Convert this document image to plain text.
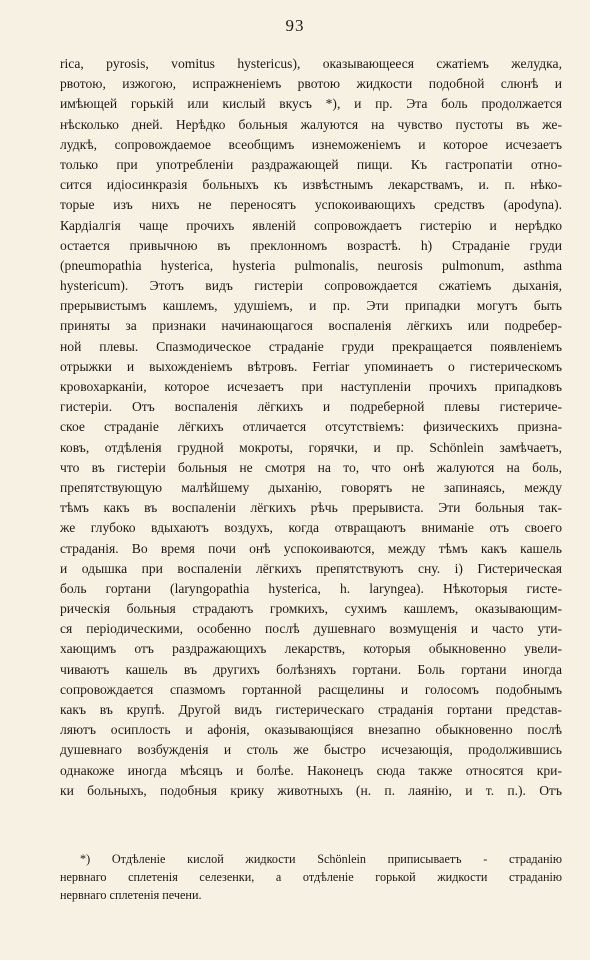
93
rica, pyrosis, vomitus hystericus), оказывающееся сжатіемъ желудка,
рвотою, изжогою, испражненіемъ рвотою жидкости подобной слюнѣ и
имѣющей горькій или кислый вкусъ *), и пр. Эта боль продолжается
нѣсколько дней. Нерѣдко больныя жалуются на чувство пустоты въ же-
лудкѣ, сопровождаемое всеобщимъ изнеможеніемъ и которое исчезаетъ
только при употребленіи раздражающей пищи. Къ гастропатіи отно-
сится идіосинкразія больныхъ къ извѣстнымъ лекарствамъ, и. п. нѣко-
торые изъ нихъ не переносятъ успокоивающихъ средствъ (apodyna).
Кардіалгія чаще прочихъ явленій сопровождаетъ гистерію и нерѣдко
остается привычною въ преклонномъ возрастѣ. h) Страданіе груди
(pneumopathia hysterica, hysteria pulmonalis, neurosis pulmonum, asthma
hystericum). Этотъ видъ гистеріи сопровождается сжатіемъ дыханія,
прерывистымъ кашлемъ, удушіемъ, и пр. Эти припадки могутъ быть
приняты за признаки начинающагося воспаленія лёгкихъ или подребер-
ной плевы. Спазмодическое страданіе груди прекращается появленіемъ
отрыжки и выхожденіемъ вѣтровъ. Ferriar упоминаетъ о гистерическомъ
кровохарканіи, которое исчезаетъ при наступленіи прочихъ припадковъ
гистеріи. Отъ воспаленія лёгкихъ и подреберной плевы гистериче-
ское страданіе лёгкихъ отличается отсутствіемъ: физическихъ призна-
ковъ, отдѣленія грудной мокроты, горячки, и пр. Schönlein замѣчаетъ,
что въ гистеріи больныя не смотря на то, что онѣ жалуются на боль,
препятствующую малѣйшему дыханію, говорятъ не запинаясь, между
тѣмъ какъ въ воспаленіи лёгкихъ рѣчь прерывиста. Эти больныя так-
же глубоко вдыхаютъ воздухъ, когда отвращаютъ вниманіе отъ своего
страданія. Во время почи онѣ успокоиваются, между тѣмъ какъ кашель
и одышка при воспаленіи лёгкихъ препятствуютъ сну. i) Гистерическая
боль гортани (laryngopathia hysterica, h. laryngea). Нѣкоторыя гисте-
рическія больныя страдаютъ громкихъ, сухимъ кашлемъ, оказывающим-
ся періодическими, особенно послѣ душевнаго возмущенія и часто ути-
хающимъ отъ раздражающихъ лекарствъ, которыя обыкновенно увели-
чиваютъ кашель въ другихъ болѣзняхъ гортани. Боль гортани иногда
сопровождается спазмомъ гортанной расщелины и голосомъ подобнымъ
какъ въ крупѣ. Другой видъ гистерическаго страданія гортани представ-
ляютъ осиплость и афонія, оказывающіяся внезапно обыкновенно послѣ
душевнаго возбужденія и столь же быстро исчезающія, продолжившись
однакоже иногда мѣсяцъ и болѣе. Наконецъ сюда также относятся кри-
ки больныхъ, подобныя крику животныхъ (н. п. лаянію, и т. п.). Отъ
*) Отдѣленіе кислой жидкости Schönlein приписываетъ - страданію
нервнаго сплетенія селезенки, а отдѣленіе горькой жидкости страданію
нервнаго сплетенія печени.
